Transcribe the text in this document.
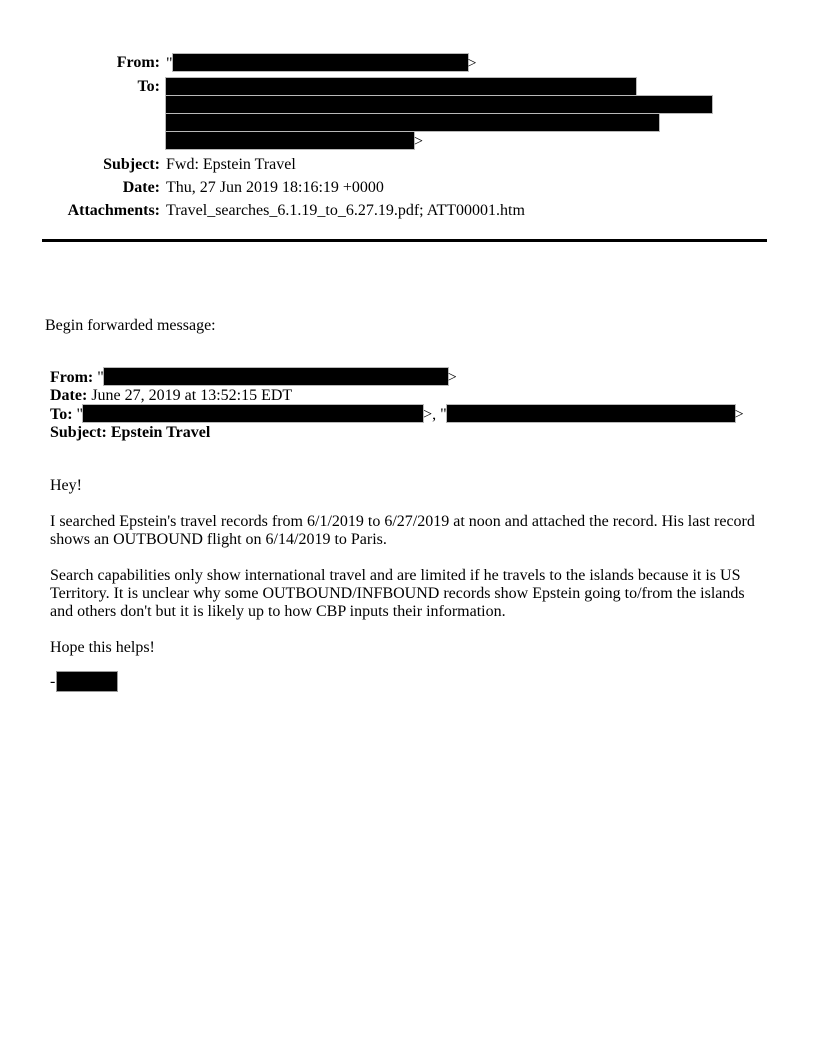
From: "	>
To:
>
Subject: Fwd: Epstein Travel
Date: Thu, 27 Jun 2019 18:16:19 +0000
Attachments: Travel_searches_6.1.19_to_6.27.19.pdf; ATT00001.htm

Begin forwarded message:

From: "	>
Date: June 27, 2019 at 13:52:15 EDT
To: "	>, "	>
Subject: Epstein Travel

Hey!

I searched Epstein's travel records from 6/1/2019 to 6/27/2019 at noon and attached the record. His last record shows an OUTBOUND flight on 6/14/2019 to Paris.

Search capabilities only show international travel and are limited if he travels to the islands because it is US Territory. It is unclear why some OUTBOUND/INFBOUND records show Epstein going to/from the islands and others don't but it is likely up to how CBP inputs their information.

Hope this helps!

-
